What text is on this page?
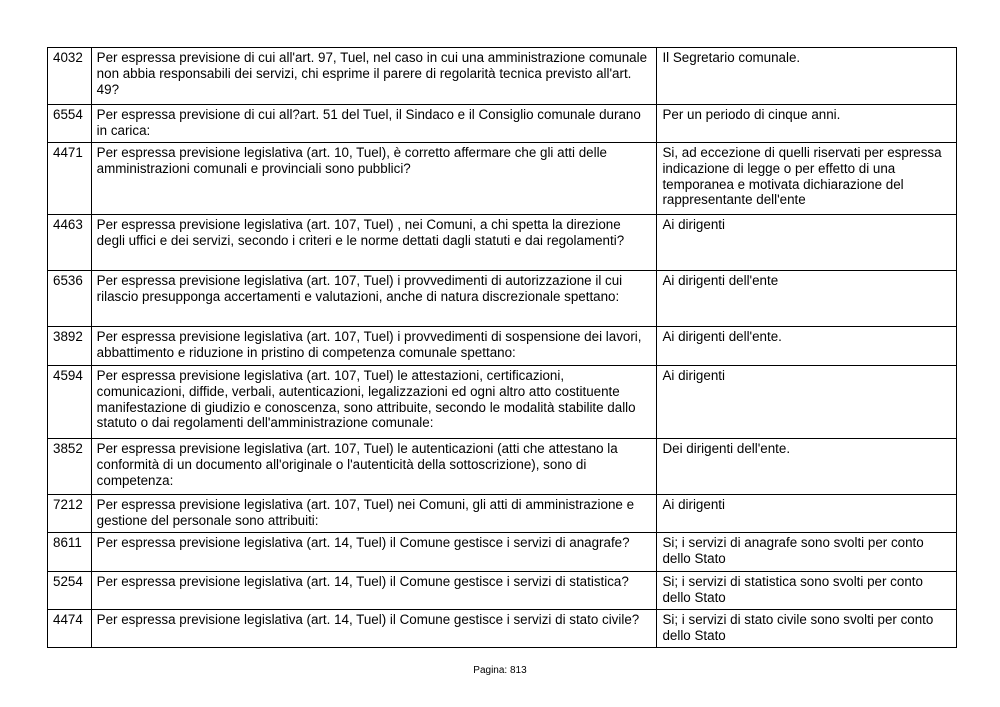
4032	Per espressa previsione di cui all'art. 97, Tuel, nel caso in cui una amministrazione comunale non abbia responsabili dei servizi, chi esprime il parere di regolarità tecnica previsto all'art. 49?	Il Segretario comunale.
6554	Per espressa previsione di cui all?art. 51 del Tuel, il Sindaco e il Consiglio comunale durano in carica:	Per un periodo di cinque anni.
4471	Per espressa previsione legislativa (art. 10, Tuel), è corretto affermare che gli atti delle amministrazioni comunali e provinciali sono pubblici?	Si, ad eccezione di quelli riservati per espressa indicazione di legge o per effetto di una temporanea e motivata dichiarazione del rappresentante dell'ente
4463	Per espressa previsione legislativa (art. 107, Tuel) , nei Comuni, a chi spetta la direzione degli uffici e dei servizi, secondo i criteri e le norme dettati dagli statuti e dai regolamenti?	Ai dirigenti
6536	Per espressa previsione legislativa (art. 107, Tuel) i provvedimenti di autorizzazione il cui rilascio presupponga accertamenti e valutazioni, anche di natura discrezionale spettano:	Ai dirigenti dell'ente
3892	Per espressa previsione legislativa (art. 107, Tuel) i provvedimenti di sospensione dei lavori, abbattimento e riduzione in pristino di competenza comunale spettano:	Ai dirigenti dell'ente.
4594	Per espressa previsione legislativa (art. 107, Tuel) le attestazioni, certificazioni, comunicazioni, diffide, verbali, autenticazioni, legalizzazioni ed ogni altro atto costituente manifestazione di giudizio e conoscenza, sono attribuite, secondo le modalità stabilite dallo statuto o dai regolamenti dell'amministrazione comunale:	Ai dirigenti
3852	Per espressa previsione legislativa (art. 107, Tuel) le autenticazioni (atti che attestano la conformità di un documento all'originale o l'autenticità della sottoscrizione), sono di competenza:	Dei dirigenti dell'ente.
7212	Per espressa previsione legislativa (art. 107, Tuel) nei Comuni, gli atti di amministrazione e gestione del personale sono attribuiti:	Ai dirigenti
8611	Per espressa previsione legislativa (art. 14, Tuel) il Comune gestisce i servizi di anagrafe?	Si; i servizi di anagrafe sono svolti per conto dello Stato
5254	Per espressa previsione legislativa (art. 14, Tuel) il Comune gestisce i servizi di statistica?	Si; i servizi di statistica sono svolti per conto dello Stato
4474	Per espressa previsione legislativa (art. 14, Tuel) il Comune gestisce i servizi di stato civile?	Si; i servizi di stato civile sono svolti per conto dello Stato
Pagina: 813
